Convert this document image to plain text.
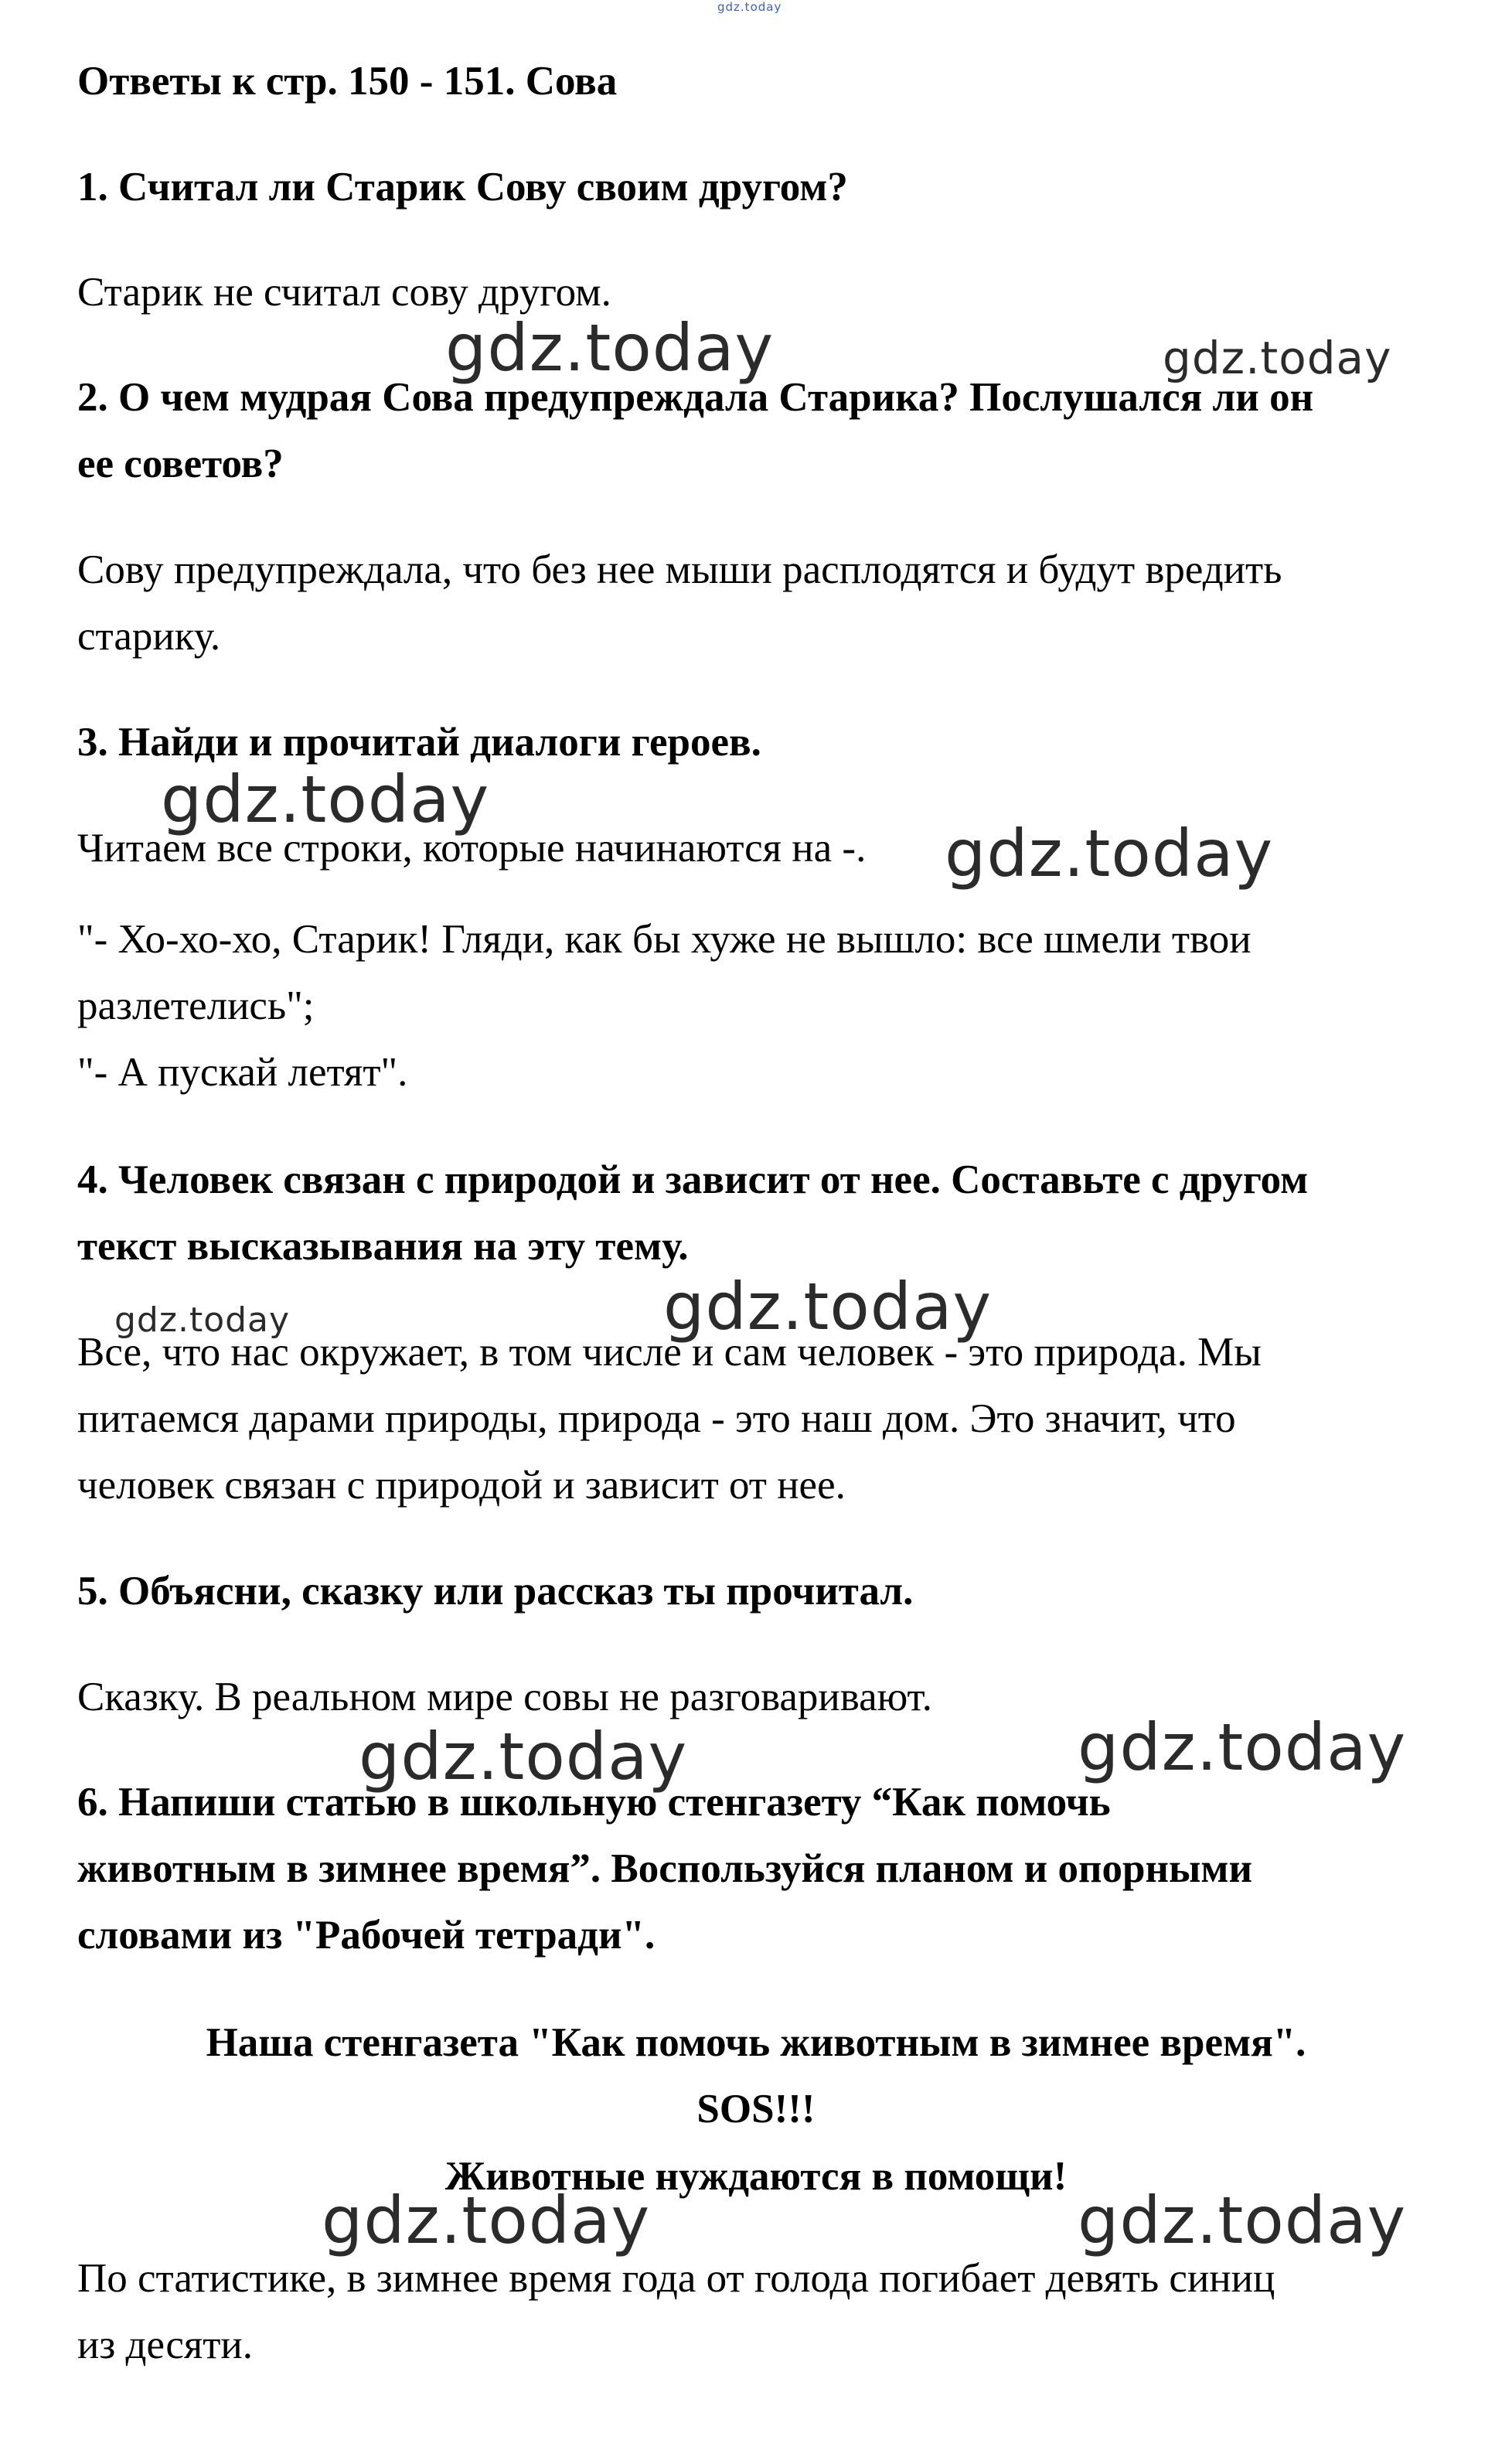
gdz.today

Ответы к стр. 150 - 151. Сова

1. Считал ли Старик Сову своим другом?

Старик не считал сову другом.

2. О чем мудрая Сова предупреждала Старика? Послушался ли он

ее советов?

Сову предупреждала, что без нее мыши расплодятся и будут вредить

старику.

3. Найди и прочитай диалоги героев.

Читаем все строки, которые начинаются на -.

"- Хо-хо-хо, Старик! Гляди, как бы хуже не вышло: все шмели твои

разлетелись";

"- А пускай летят".

4. Человек связан с природой и зависит от нее. Составьте с другом

текст высказывания на эту тему.

Все, что нас окружает, в том числе и сам человек - это природа. Мы

питаемся дарами природы, природа - это наш дом. Это значит, что

человек связан с природой и зависит от нее.

5. Объясни, сказку или рассказ ты прочитал.

Сказку. В реальном мире совы не разговаривают.

6. Напиши статью в школьную стенгазету “Как помочь

животным в зимнее время”. Воспользуйся планом и опорными

словами из "Рабочей тетради".

Наша стенгазета "Как помочь животным в зимнее время".

SOS!!!

Животные нуждаются в помощи!

По статистике, в зимнее время года от голода погибает девять синиц

из десяти.

gdz.today	gdz.today
gdz.today
gdz.today
gdz.today
gdz.today
gdz.today	gdz.today
gdz.today	gdz.today
